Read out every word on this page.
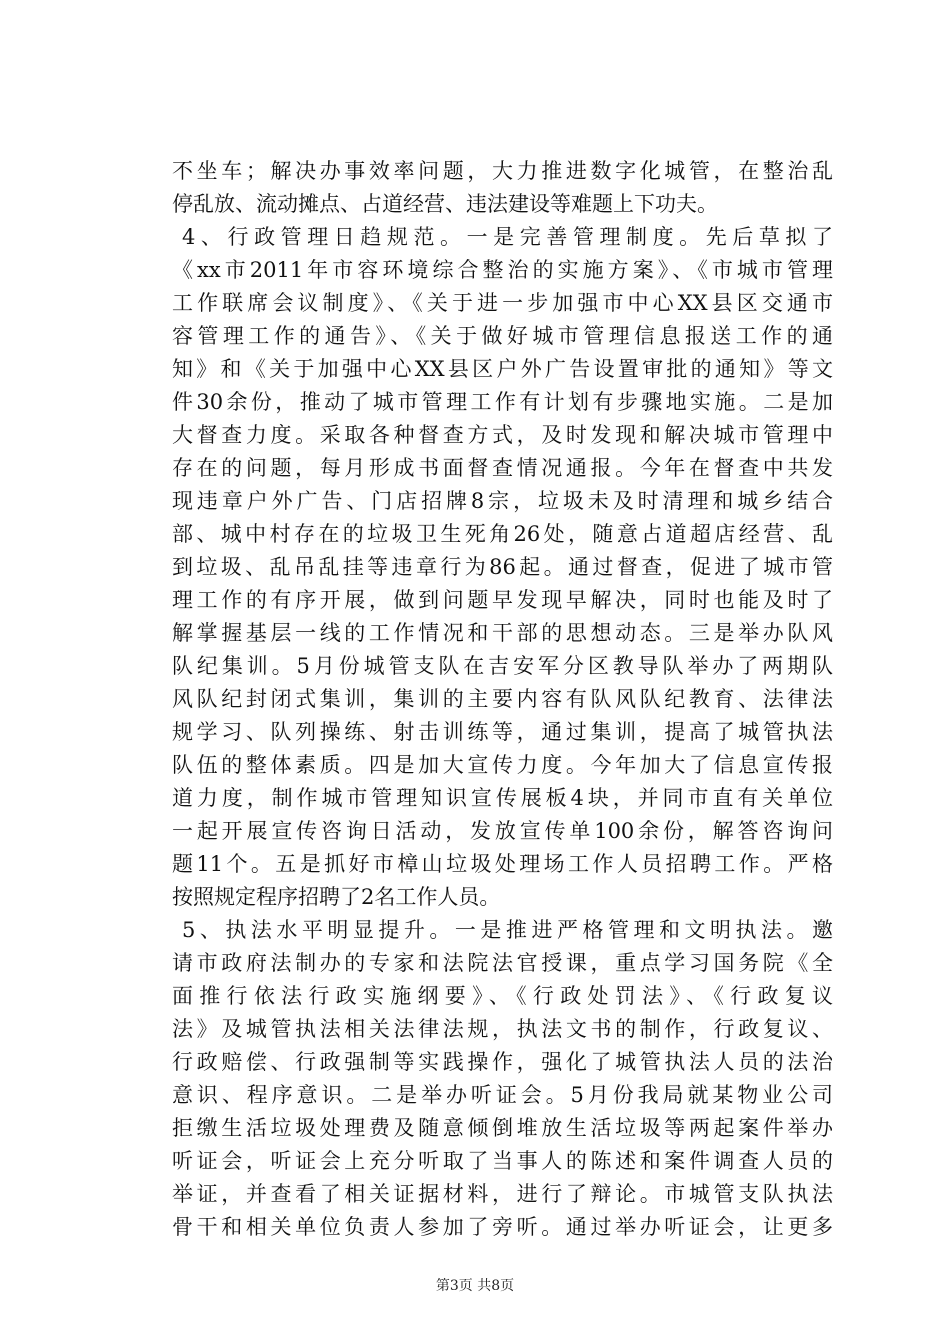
不坐车；解决办事效率问题，大力推进数字化城管，在整治乱
停乱放、流动摊点、占道经营、违法建设等难题上下功夫。
4、行政管理日趋规范。一是完善管理制度。先后草拟了
《xx市2011年市容环境综合整治的实施方案》、《市城市管理
工作联席会议制度》、《关于进一步加强市中心XX县区交通市
容管理工作的通告》、《关于做好城市管理信息报送工作的通
知》和《关于加强中心XX县区户外广告设置审批的通知》等文
件30余份，推动了城市管理工作有计划有步骤地实施。二是加
大督查力度。采取各种督查方式，及时发现和解决城市管理中
存在的问题，每月形成书面督查情况通报。今年在督查中共发
现违章户外广告、门店招牌8宗，垃圾未及时清理和城乡结合
部、城中村存在的垃圾卫生死角26处，随意占道超店经营、乱
到垃圾、乱吊乱挂等违章行为86起。通过督查，促进了城市管
理工作的有序开展，做到问题早发现早解决，同时也能及时了
解掌握基层一线的工作情况和干部的思想动态。三是举办队风
队纪集训。5月份城管支队在吉安军分区教导队举办了两期队
风队纪封闭式集训，集训的主要内容有队风队纪教育、法律法
规学习、队列操练、射击训练等，通过集训，提高了城管执法
队伍的整体素质。四是加大宣传力度。今年加大了信息宣传报
道力度，制作城市管理知识宣传展板4块，并同市直有关单位
一起开展宣传咨询日活动，发放宣传单100余份，解答咨询问
题11个。五是抓好市樟山垃圾处理场工作人员招聘工作。严格
按照规定程序招聘了2名工作人员。
5、执法水平明显提升。一是推进严格管理和文明执法。邀
请市政府法制办的专家和法院法官授课，重点学习国务院《全
面推行依法行政实施纲要》、《行政处罚法》、《行政复议
法》及城管执法相关法律法规，执法文书的制作，行政复议、
行政赔偿、行政强制等实践操作，强化了城管执法人员的法治
意识、程序意识。二是举办听证会。5月份我局就某物业公司
拒缴生活垃圾处理费及随意倾倒堆放生活垃圾等两起案件举办
听证会，听证会上充分听取了当事人的陈述和案件调查人员的
举证，并查看了相关证据材料，进行了辩论。市城管支队执法
骨干和相关单位负责人参加了旁听。通过举办听证会，让更多
第3页 共8页
